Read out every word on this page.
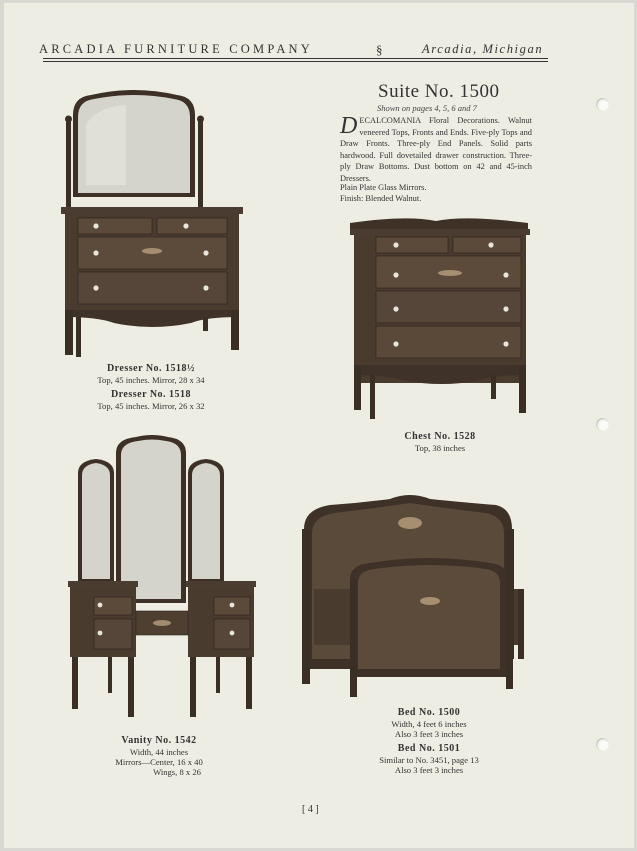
ARCADIA FURNITURE COMPANY	§	Arcadia, Michigan
Suite No. 1500
Shown on pages 4, 5, 6 and 7
DECALCOMANIA Floral Decorations. Walnut veneered Tops, Fronts and Ends. Five-ply Tops and Draw Fronts. Three-ply End Panels. Solid parts hardwood. Full dovetailed drawer construction. Three-ply Draw Bottoms. Dust bottom on 42 and 45-inch Dressers.
Plain Plate Glass Mirrors.
Finish: Blended Walnut.
Dresser No. 1518½
Top, 45 inches. Mirror, 28 x 34
Dresser No. 1518
Top, 45 inches. Mirror, 26 x 32
Chest No. 1528
Top, 38 inches
Vanity No. 1542
Width, 44 inches
Mirrors—Center, 16 x 40
Wings, 8 x 26
Bed No. 1500
Width, 4 feet 6 inches
Also 3 feet 3 inches
Bed No. 1501
Similar to No. 3451, page 13
Also 3 feet 3 inches
[ 4 ]
